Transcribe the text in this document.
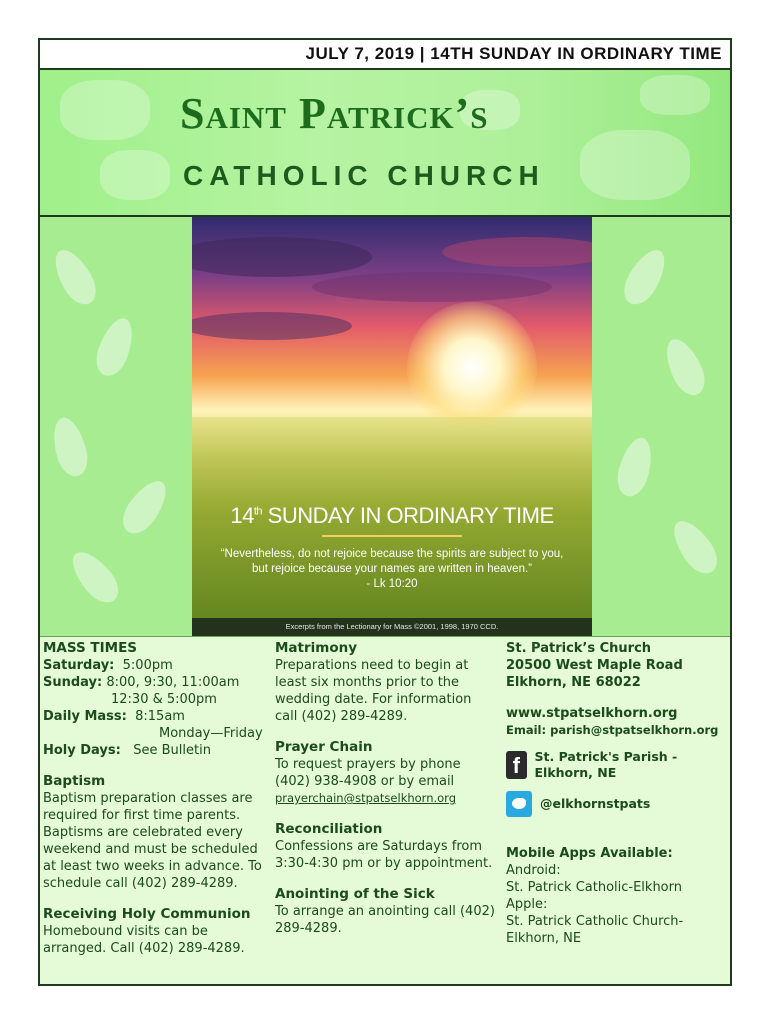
JULY 7, 2019 | 14TH SUNDAY IN ORDINARY TIME
Saint Patrick’s
CATHOLIC CHURCH
14th SUNDAY IN ORDINARY TIME
“Nevertheless, do not rejoice because the spirits are subject to you, but rejoice because your names are written in heaven.”
- Lk 10:20
Excerpts from the Lectionary for Mass ©2001, 1998, 1970 CCD.
MASS TIMES
Saturday: 5:00pm
Sunday: 8:00, 9:30, 11:00am
12:30 & 5:00pm
Daily Mass: 8:15am
Monday—Friday
Holy Days: See Bulletin
Baptism
Baptism preparation classes are required for first time parents. Baptisms are celebrated every weekend and must be scheduled at least two weeks in advance. To schedule call (402) 289-4289.
Receiving Holy Communion
Homebound visits can be arranged. Call (402) 289-4289.
Matrimony
Preparations need to begin at least six months prior to the wedding date. For information call (402) 289-4289.
Prayer Chain
To request prayers by phone (402) 938-4908 or by email
prayerchain@stpatselkhorn.org
Reconciliation
Confessions are Saturdays from 3:30-4:30 pm or by appointment.
Anointing of the Sick
To arrange an anointing call (402) 289-4289.
St. Patrick’s Church
20500 West Maple Road
Elkhorn, NE 68022
www.stpatselkhorn.org
Email: parish@stpatselkhorn.org
f	St. Patrick's Parish - Elkhorn, NE
@elkhornstpats
Mobile Apps Available:
Android:
St. Patrick Catholic-Elkhorn
Apple:
St. Patrick Catholic Church- Elkhorn, NE
